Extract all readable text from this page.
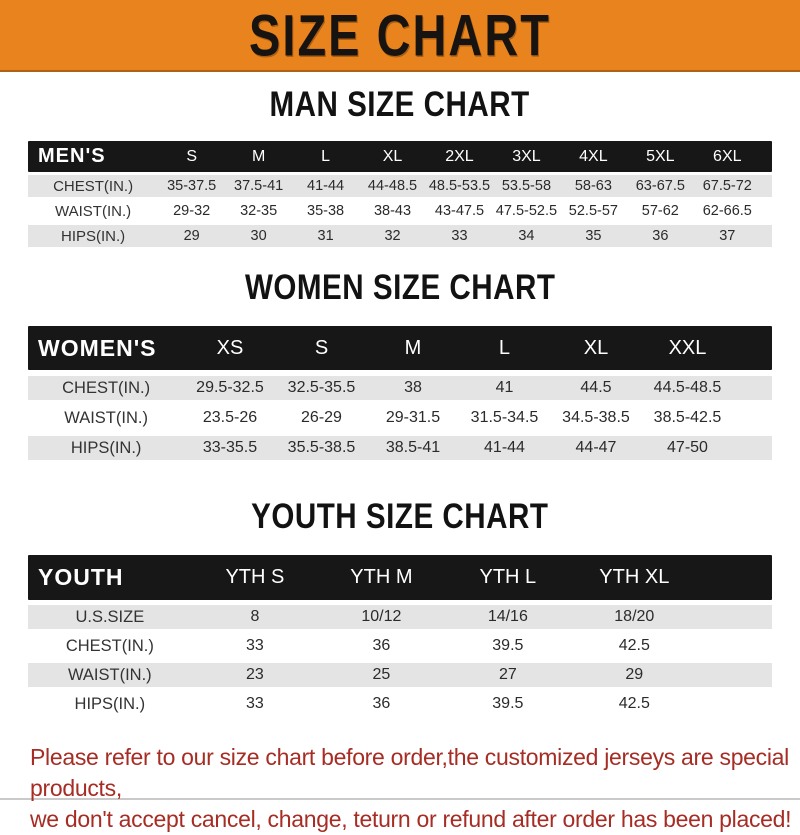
SIZE CHART
MAN SIZE CHART
MEN'S	S	M	L	XL	2XL	3XL	4XL	5XL	6XL
CHEST(IN.)	35-37.5	37.5-41	41-44	44-48.5 48.5-53.5 53.5-58	58-63	63-67.5	67.5-72
WAIST(IN.)	29-32	32-35	35-38	38-43	43-47.5 47.5-52.5 52.5-57	57-62	62-66.5
HIPS(IN.)	29	30	31	32	33	34	35	36	37
WOMEN SIZE CHART
WOMEN'S	XS	S	M	L	XL	XXL
CHEST(IN.)	29.5-32.5	32.5-35.5	38	41	44.5	44.5-48.5
WAIST(IN.)	23.5-26	26-29	29-31.5	31.5-34.5	34.5-38.5	38.5-42.5
HIPS(IN.)	33-35.5	35.5-38.5	38.5-41	41-44	44-47	47-50
YOUTH SIZE CHART
YOUTH	YTH S	YTH M	YTH L	YTH XL
U.S.SIZE	8	10/12	14/16	18/20
CHEST(IN.)	33	36	39.5	42.5
WAIST(IN.)	23	25	27	29
HIPS(IN.)	33	36	39.5	42.5
Please refer to our size chart before order,the customized jerseys are special products,
we don't accept cancel, change, teturn or refund after order has been placed!
